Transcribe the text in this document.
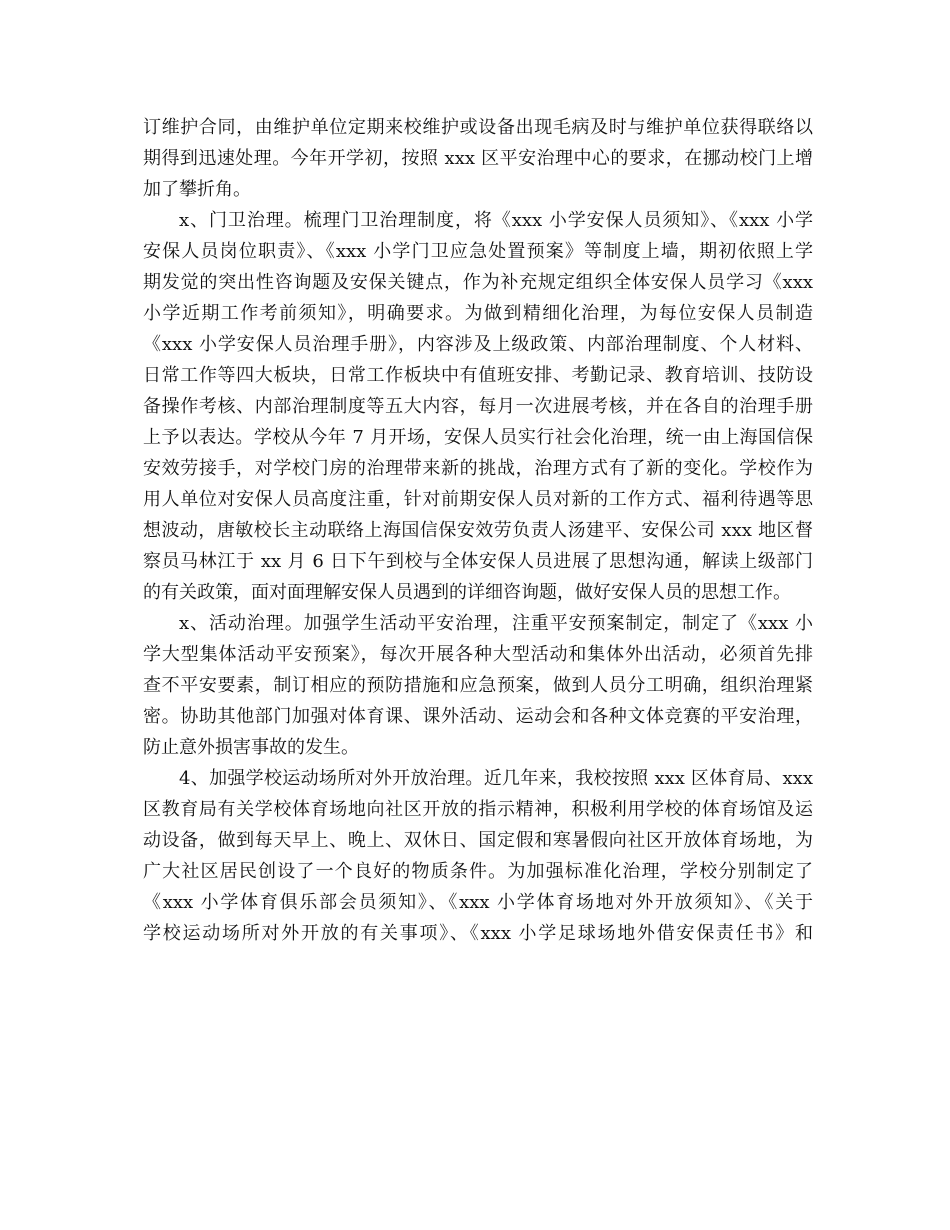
订维护合同，由维护单位定期来校维护或设备出现毛病及时与维护单位获得联络以
期得到迅速处理。今年开学初，按照 xxx 区平安治理中心的要求，在挪动校门上增
加了攀折角。
x、门卫治理。梳理门卫治理制度，将《xxx 小学安保人员须知》、《xxx 小学
安保人员岗位职责》、《xxx 小学门卫应急处置预案》等制度上墙，期初依照上学
期发觉的突出性咨询题及安保关键点，作为补充规定组织全体安保人员学习《xxx
小学近期工作考前须知》，明确要求。为做到精细化治理，为每位安保人员制造
《xxx 小学安保人员治理手册》，内容涉及上级政策、内部治理制度、个人材料、
日常工作等四大板块，日常工作板块中有值班安排、考勤记录、教育培训、技防设
备操作考核、内部治理制度等五大内容，每月一次进展考核，并在各自的治理手册
上予以表达。学校从今年 7 月开场，安保人员实行社会化治理，统一由上海国信保
安效劳接手，对学校门房的治理带来新的挑战，治理方式有了新的变化。学校作为
用人单位对安保人员高度注重，针对前期安保人员对新的工作方式、福利待遇等思
想波动，唐敏校长主动联络上海国信保安效劳负责人汤建平、安保公司 xxx 地区督
察员马林江于 xx 月 6 日下午到校与全体安保人员进展了思想沟通，解读上级部门
的有关政策，面对面理解安保人员遇到的详细咨询题，做好安保人员的思想工作。
x、活动治理。加强学生活动平安治理，注重平安预案制定，制定了《xxx 小
学大型集体活动平安预案》，每次开展各种大型活动和集体外出活动，必须首先排
查不平安要素，制订相应的预防措施和应急预案，做到人员分工明确，组织治理紧
密。协助其他部门加强对体育课、课外活动、运动会和各种文体竞赛的平安治理，
防止意外损害事故的发生。
4、加强学校运动场所对外开放治理。近几年来，我校按照 xxx 区体育局、xxx
区教育局有关学校体育场地向社区开放的指示精神，积极利用学校的体育场馆及运
动设备，做到每天早上、晚上、双休日、国定假和寒暑假向社区开放体育场地，为
广大社区居民创设了一个良好的物质条件。为加强标准化治理，学校分别制定了
《xxx 小学体育俱乐部会员须知》、《xxx 小学体育场地对外开放须知》、《关于
学校运动场所对外开放的有关事项》、《xxx 小学足球场地外借安保责任书》和
